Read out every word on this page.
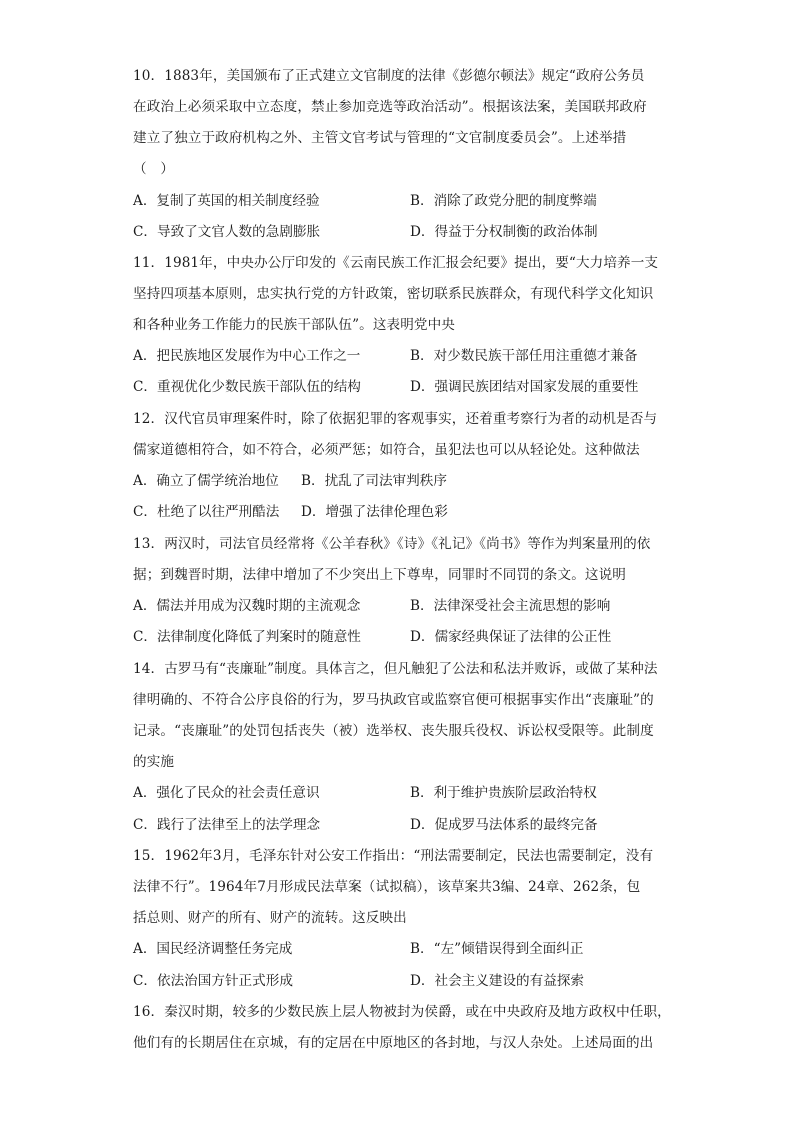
10．1883年，美国颁布了正式建立文官制度的法律《彭德尔顿法》规定“政府公务员
在政治上必须采取中立态度，禁止参加竞选等政治活动”。根据该法案，美国联邦政府
建立了独立于政府机构之外、主管文官考试与管理的“文官制度委员会”。上述举措
（　）
A．复制了英国的相关制度经验	B．消除了政党分肥的制度弊端
C．导致了文官人数的急剧膨胀	D．得益于分权制衡的政治体制
11．1981年，中央办公厅印发的《云南民族工作汇报会纪要》提出，要“大力培养一支
坚持四项基本原则，忠实执行党的方针政策，密切联系民族群众，有现代科学文化知识
和各种业务工作能力的民族干部队伍”。这表明党中央
A．把民族地区发展作为中心工作之一	B．对少数民族干部任用注重德才兼备
C．重视优化少数民族干部队伍的结构	D．强调民族团结对国家发展的重要性
12．汉代官员审理案件时，除了依据犯罪的客观事实，还着重考察行为者的动机是否与
儒家道德相符合，如不符合，必须严惩；如符合，虽犯法也可以从轻论处。这种做法
A．确立了儒学统治地位 B．扰乱了司法审判秩序
C．杜绝了以往严刑酷法 D．增强了法律伦理色彩
13．两汉时，司法官员经常将《公羊春秋》《诗》《礼记》《尚书》等作为判案量刑的依
据；到魏晋时期，法律中增加了不少突出上下尊卑，同罪时不同罚的条文。这说明
A．儒法并用成为汉魏时期的主流观念	B．法律深受社会主流思想的影响
C．法律制度化降低了判案时的随意性	D．儒家经典保证了法律的公正性
14．古罗马有“丧廉耻”制度。具体言之，但凡触犯了公法和私法并败诉，或做了某种法
律明确的、不符合公序良俗的行为，罗马执政官或监察官便可根据事实作出“丧廉耻”的
记录。“丧廉耻”的处罚包括丧失（被）选举权、丧失服兵役权、诉讼权受限等。此制度
的实施
A．强化了民众的社会责任意识	B．利于维护贵族阶层政治特权
C．践行了法律至上的法学理念	D．促成罗马法体系的最终完备
15．1962年3月，毛泽东针对公安工作指出：“刑法需要制定，民法也需要制定，没有
法律不行”。1964年7月形成民法草案（试拟稿），该草案共3编、24章、262条，包
括总则、财产的所有、财产的流转。这反映出
A．国民经济调整任务完成	B．“左”倾错误得到全面纠正
C．依法治国方针正式形成	D．社会主义建设的有益探索
16．秦汉时期，较多的少数民族上层人物被封为侯爵，或在中央政府及地方政权中任职，
他们有的长期居住在京城，有的定居在中原地区的各封地，与汉人杂处。上述局面的出
